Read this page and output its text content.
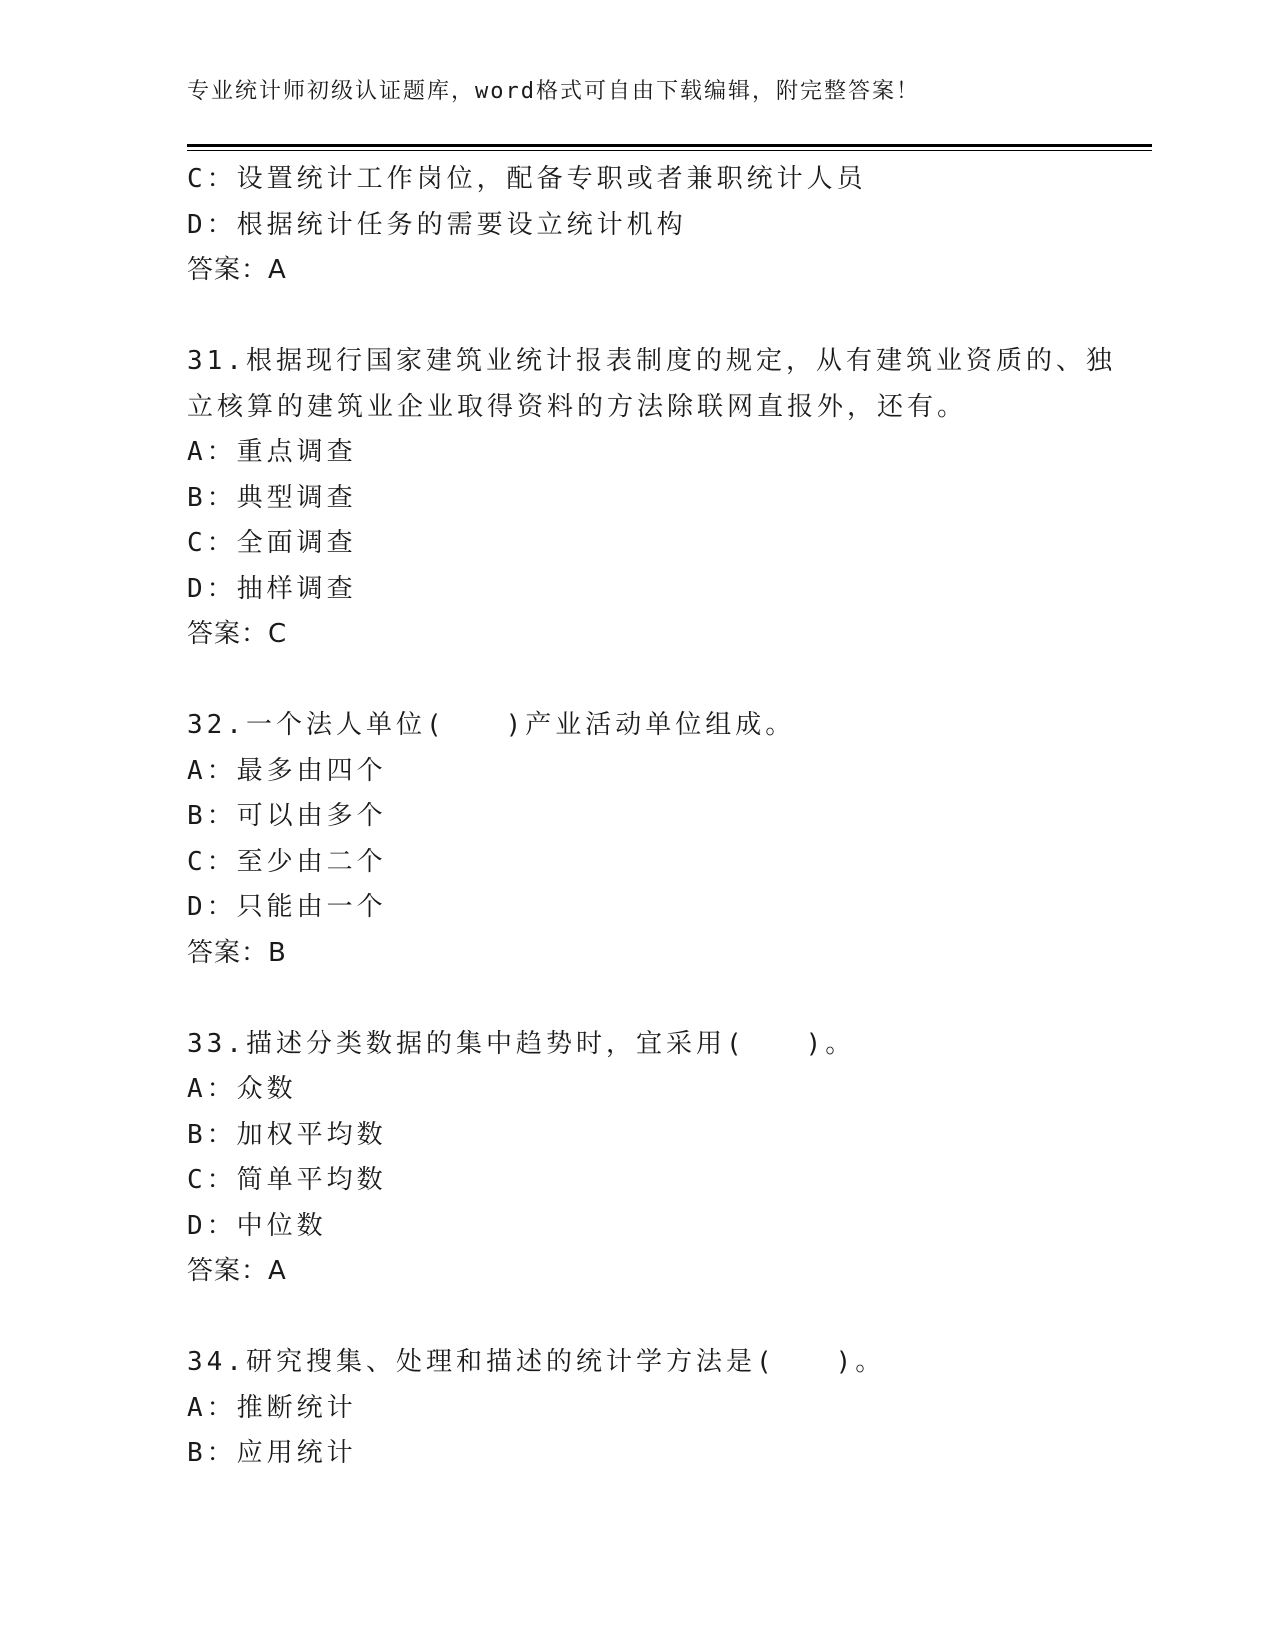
专业统计师初级认证题库，word格式可自由下载编辑，附完整答案！
C：设置统计工作岗位，配备专职或者兼职统计人员
D：根据统计任务的需要设立统计机构
答案：A
31.根据现行国家建筑业统计报表制度的规定，从有建筑业资质的、独
立核算的建筑业企业取得资料的方法除联网直报外，还有。
A：重点调查
B：典型调查
C：全面调查
D：抽样调查
答案：C
32.一个法人单位(　　)产业活动单位组成。
A：最多由四个
B：可以由多个
C：至少由二个
D：只能由一个
答案：B
33.描述分类数据的集中趋势时，宜采用(　　)。
A：众数
B：加权平均数
C：简单平均数
D：中位数
答案：A
34.研究搜集、处理和描述的统计学方法是(　　)。
A：推断统计
B：应用统计
